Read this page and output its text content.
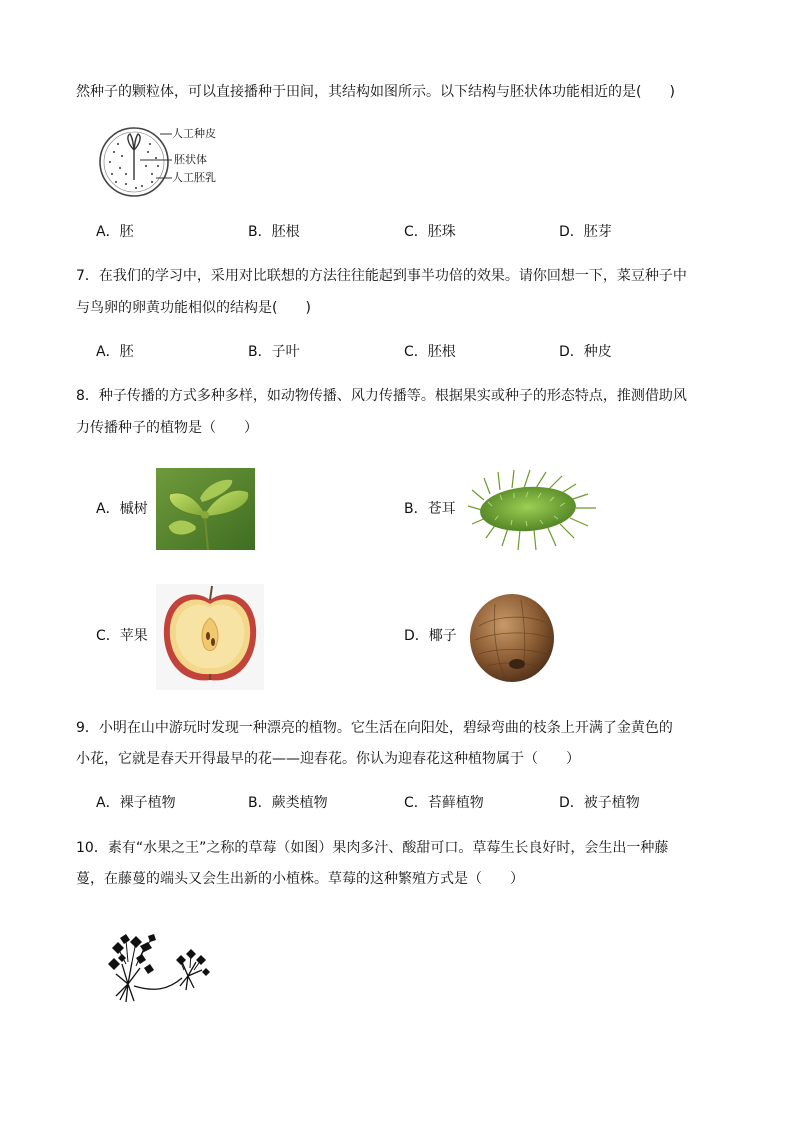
然种子的颗粒体，可以直接播种于田间，其结构如图所示。以下结构与胚状体功能相近的是(　　)
人工种皮
胚状体
人工胚乳
A．胚	B．胚根	C．胚珠	D．胚芽
7．在我们的学习中，采用对比联想的方法往往能起到事半功倍的效果。请你回想一下，菜豆种子中
与鸟卵的卵黄功能相似的结构是(　　)
A．胚	B．子叶	C．胚根	D．种皮
8．种子传播的方式多种多样，如动物传播、风力传播等。根据果实或种子的形态特点，推测借助风
力传播种子的植物是（　　）
A．槭树	B．苍耳
C．苹果	D．椰子
9．小明在山中游玩时发现一种漂亮的植物。它生活在向阳处，碧绿弯曲的枝条上开满了金黄色的
小花，它就是春天开得最早的花——迎春花。你认为迎春花这种植物属于（　　）
A．裸子植物	B．蕨类植物	C．苔藓植物	D．被子植物
10．素有“水果之王”之称的草莓（如图）果肉多汁、酸甜可口。草莓生长良好时，会生出一种藤
蔓，在藤蔓的端头又会生出新的小植株。草莓的这种繁殖方式是（　　）
